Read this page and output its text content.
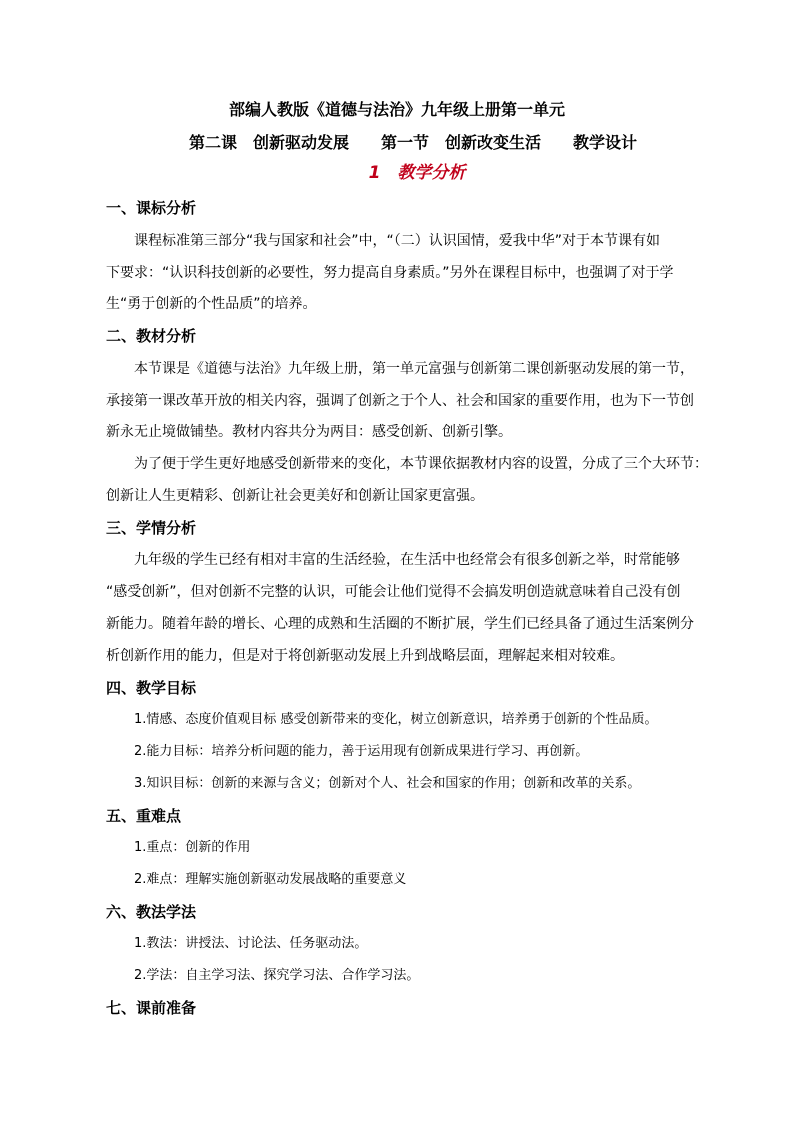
部编人教版《道德与法治》九年级上册第一单元
第二课　创新驱动发展　　第一节　创新改变生活　　教学设计
1　教学分析
一、课标分析
课程标准第三部分“我与国家和社会”中，“（二）认识国情，爱我中华”对于本节课有如
下要求：“认识科技创新的必要性，努力提高自身素质。”另外在课程目标中，也强调了对于学
生“勇于创新的个性品质”的培养。
二、教材分析
本节课是《道德与法治》九年级上册，第一单元富强与创新第二课创新驱动发展的第一节，
承接第一课改革开放的相关内容，强调了创新之于个人、社会和国家的重要作用，也为下一节创
新永无止境做铺垫。教材内容共分为两目：感受创新、创新引擎。
为了便于学生更好地感受创新带来的变化，本节课依据教材内容的设置，分成了三个大环节：
创新让人生更精彩、创新让社会更美好和创新让国家更富强。
三、学情分析
九年级的学生已经有相对丰富的生活经验，在生活中也经常会有很多创新之举，时常能够
“感受创新”，但对创新不完整的认识，可能会让他们觉得不会搞发明创造就意味着自己没有创
新能力。随着年龄的增长、心理的成熟和生活圈的不断扩展，学生们已经具备了通过生活案例分
析创新作用的能力，但是对于将创新驱动发展上升到战略层面，理解起来相对较难。
四、教学目标
1.情感、态度价值观目标 感受创新带来的变化，树立创新意识，培养勇于创新的个性品质。
2.能力目标：培养分析问题的能力，善于运用现有创新成果进行学习、再创新。
3.知识目标：创新的来源与含义；创新对个人、社会和国家的作用；创新和改革的关系。
五、重难点
1.重点：创新的作用
2.难点：理解实施创新驱动发展战略的重要意义
六、教法学法
1.教法：讲授法、讨论法、任务驱动法。
2.学法：自主学习法、探究学习法、合作学习法。
七、课前准备
